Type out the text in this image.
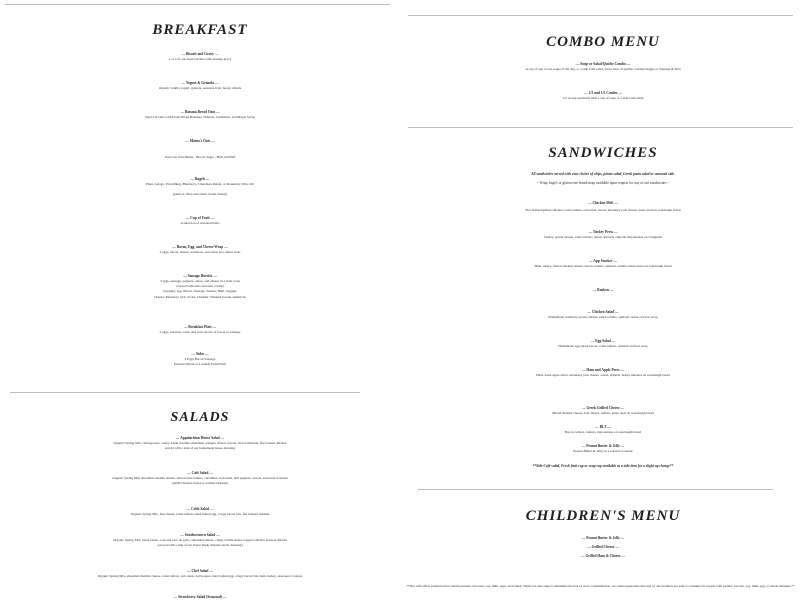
BREAKFAST
— Biscuit and Gravy —
1 or 2 of our fresh biscuits with sausage gravy
— Yogurt & Granola —
Organic vanilla yogurt, granola, seasonal fruit, honey drizzle
— Banana Bread Oats —
Steel Cut Oats with Fresh Sliced Bananas, Walnuts, Cinnamon, and Maple Syrup
— Mama's Oats —
Steel Cut Oats Butter , Brown Sugar , Half and Half
— Bagels —
Plain, Asiago, Everything, Blueberry, Cinnamon Raisin, or Rosemary Olive Oil

(plain or chive and onion cream cheese)
— Cup of Fruit —
A selection of seasonal fruits
— Bacon, Egg, and Cheese Wrap —
2 eggs, bacon, cheese, tomatoes, and onion in a wheat wrap
— Sausage Burrito —
3 eggs, sausage, peppers, onion, and cheese in a flour wrap
(served with salsa and sour cream)
(topping: egg, Bacon, Sausage, Turkey, Ham, Veggies
Cheese: Monterey Jack, Swiss, Cheddar, Smoked Gouda, American
— Breakfast Plate —
2 eggs, potatoes, toast, and your choice of bacon or sausage
— Sides —
2 Eggs Bacon Sausage
Potatoes (Plain or Loaded) Fresh Fruit
SALADS
— Appalachian House Salad —
Organic Spring Mix, cabbage mix, crispy Asian noodles, mandarin oranges, ribbon carrots, sliced almonds, fire braised chicken
served with a side of our homemade house dressing
— Café Salad —
Organic Spring Mix, shredded cheddar cheese, sliced roma tomato, cucumber, red onion, bell peppers, carrots, seasoned croutons
(ADD Chicken Salad or Grilled Chicken)
— Cobb Salad —
Organic Spring Mix, feta cheese, roma tomato, hard boiled egg, crispy bacon bits, fire braised chicken
— Southwestern Salad —
Organic Spring Mix, black beans, corn and pico de gallo, shredded cheese, crispy tortilla strips, topped with fire braised chicken
(served with a side of our house made chipotle ranch dressing)
— Chef Salad —
Organic Spring Mix, shredded cheddar cheese, roma tomato, red onion, bell pepper, hard boiled egg, crispy bacon bits, ham, turkey, seasoned croutons
— Strawberry Salad (Seasonal) —
COMBO MENU
— Soup or Salad/Quiche Combo —
A cup of one of our soups of the day, or a side Café salad, and a slice of quiche- Garden Veggie or Sausage & Feta
— 1/2 and 1/2 Combo —
1/2 of any sandwich with a cup of soup or a side Café salad
SANDWICHES
All sandwiches served with your choice of chips, potato salad, Greek pasta salad or seasonal side.
~ Wrap, bagel, or gluten free bread/wrap available upon request for any of our sandwiches ~
Fire braised grilled chicken, roma tomato, red onion, bacon, monterey jack cheese, pesto aioli on sourdough bread
— Chicken Melt —
— Turkey Press —
Turkey, gouda cheese, roma tomato, onion, spinach, chipotle mayonnaise on a baguette
— App Stacker —
Ham, turkey, mixed cheddar cheese, bacon, tomato, spinach, vidalia onion sauce on sourdough bread
— Reuben —
— Chicken Salad —
Homemade cranberry pecan chicken salad, tomato, spinach, onion on flour wrap
— Egg Salad —
Homemade egg salad, bacon, roma tomato, spinach on flour wrap
— Ham and Apple Press —
Ham, fresh apple slices, monterey jack cheese, onion, spinach, honey mustard on sourdough bread
— Greek Grilled Cheese —
Mixed cheddar cheese, feta cheese, tomato, pesto aioli on sourdough bread
— BLT —
Bacon, lettuce, tomato, mayonnaise on sourdough bread
— Peanut Butter & Jelly —
Peanut Butter & Jelly on a toasted croissant
**Side Café salad, Fresh fruit cup or soup cup available as a side item for a slight up charge**
CHILDREN'S MENU
— Peanut Butter & Jelly —
— Grilled Cheese —
— Grilled Ham & Cheese —
**Our café offers products that contain peanuts, tree nuts, soy, milk, eggs, and wheat. While we take steps to minimize the risk of cross contamination, we cannot guarantee that any of our products are safe to consume for people with peanut, tree nut, soy, milk, egg, or wheat allergies.**
